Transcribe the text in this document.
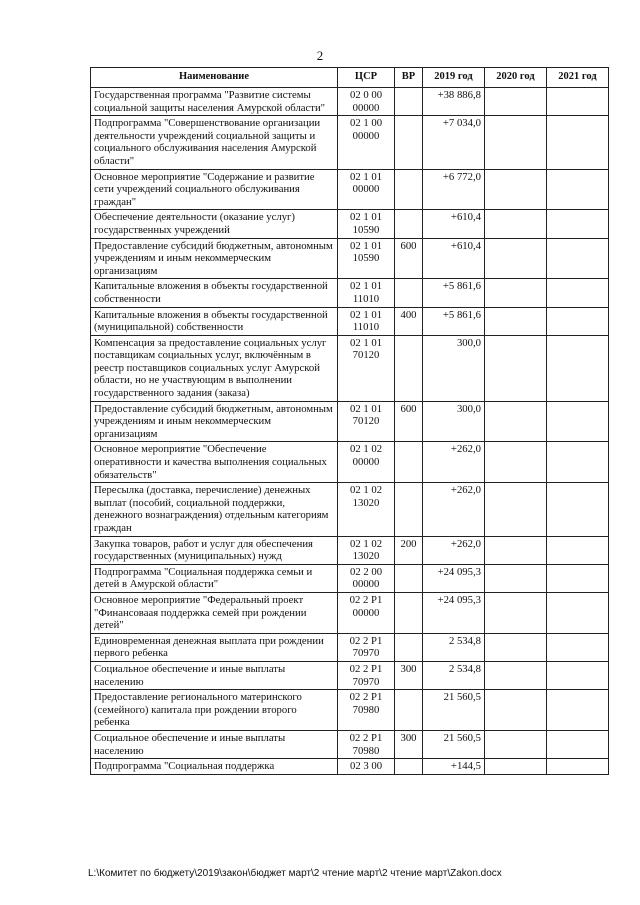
2
Наименование	ЦСР	ВР	2019 год	2020 год	2021 год
Государственная программа "Развитие системы социальной защиты населения Амурской области"	02 0 00 00000		+38 886,8		
Подпрограмма "Совершенствование организации деятельности учреждений социальной защиты и социального обслуживания населения Амурской области"	02 1 00 00000		+7 034,0		
Основное мероприятие "Содержание и развитие сети учреждений социального обслуживания граждан"	02 1 01 00000		+6 772,0		
Обеспечение деятельности (оказание услуг) государственных учреждений	02 1 01 10590		+610,4		
Предоставление субсидий бюджетным, автономным учреждениям и иным некоммерческим организациям	02 1 01 10590	600	+610,4		
Капитальные вложения в объекты государственной собственности	02 1 01 11010		+5 861,6		
Капитальные вложения в объекты государственной (муниципальной) собственности	02 1 01 11010	400	+5 861,6		
Компенсация за предоставление социальных услуг поставщикам социальных услуг, включённым в реестр поставщиков социальных услуг Амурской области, но не участвующим в выполнении государственного задания (заказа)	02 1 01 70120		300,0		
Предоставление субсидий бюджетным, автономным учреждениям и иным некоммерческим организациям	02 1 01 70120	600	300,0		
Основное мероприятие "Обеспечение оперативности и качества выполнения социальных обязательств"	02 1 02 00000		+262,0		
Пересылка (доставка, перечисление) денежных выплат (пособий, социальной поддержки, денежного вознаграждения) отдельным категориям граждан	02 1 02 13020		+262,0		
Закупка товаров, работ и услуг для обеспечения государственных (муниципальных) нужд	02 1 02 13020	200	+262,0		
Подпрограмма "Социальная поддержка семьи и детей в Амурской области"	02 2 00 00000		+24 095,3		
Основное мероприятие "Федеральный проект "Финансоваая поддержка семей при рождении детей"	02 2 P1 00000		+24 095,3		
Единовременная денежная выплата при рождении первого ребенка	02 2 P1 70970		2 534,8		
Социальное обеспечение и иные выплаты населению	02 2 P1 70970	300	2 534,8		
Предоставление регионального материнского (семейного) капитала при рождении второго ребенка	02 2 P1 70980		21 560,5		
Социальное обеспечение и иные выплаты населению	02 2 P1 70980	300	21 560,5		
Подпрограмма "Социальная поддержка	02 3 00		+144,5		
L:\Комитет по бюджету\2019\закон\бюджет март\2 чтение март\2 чтение март\Zakon.docx
